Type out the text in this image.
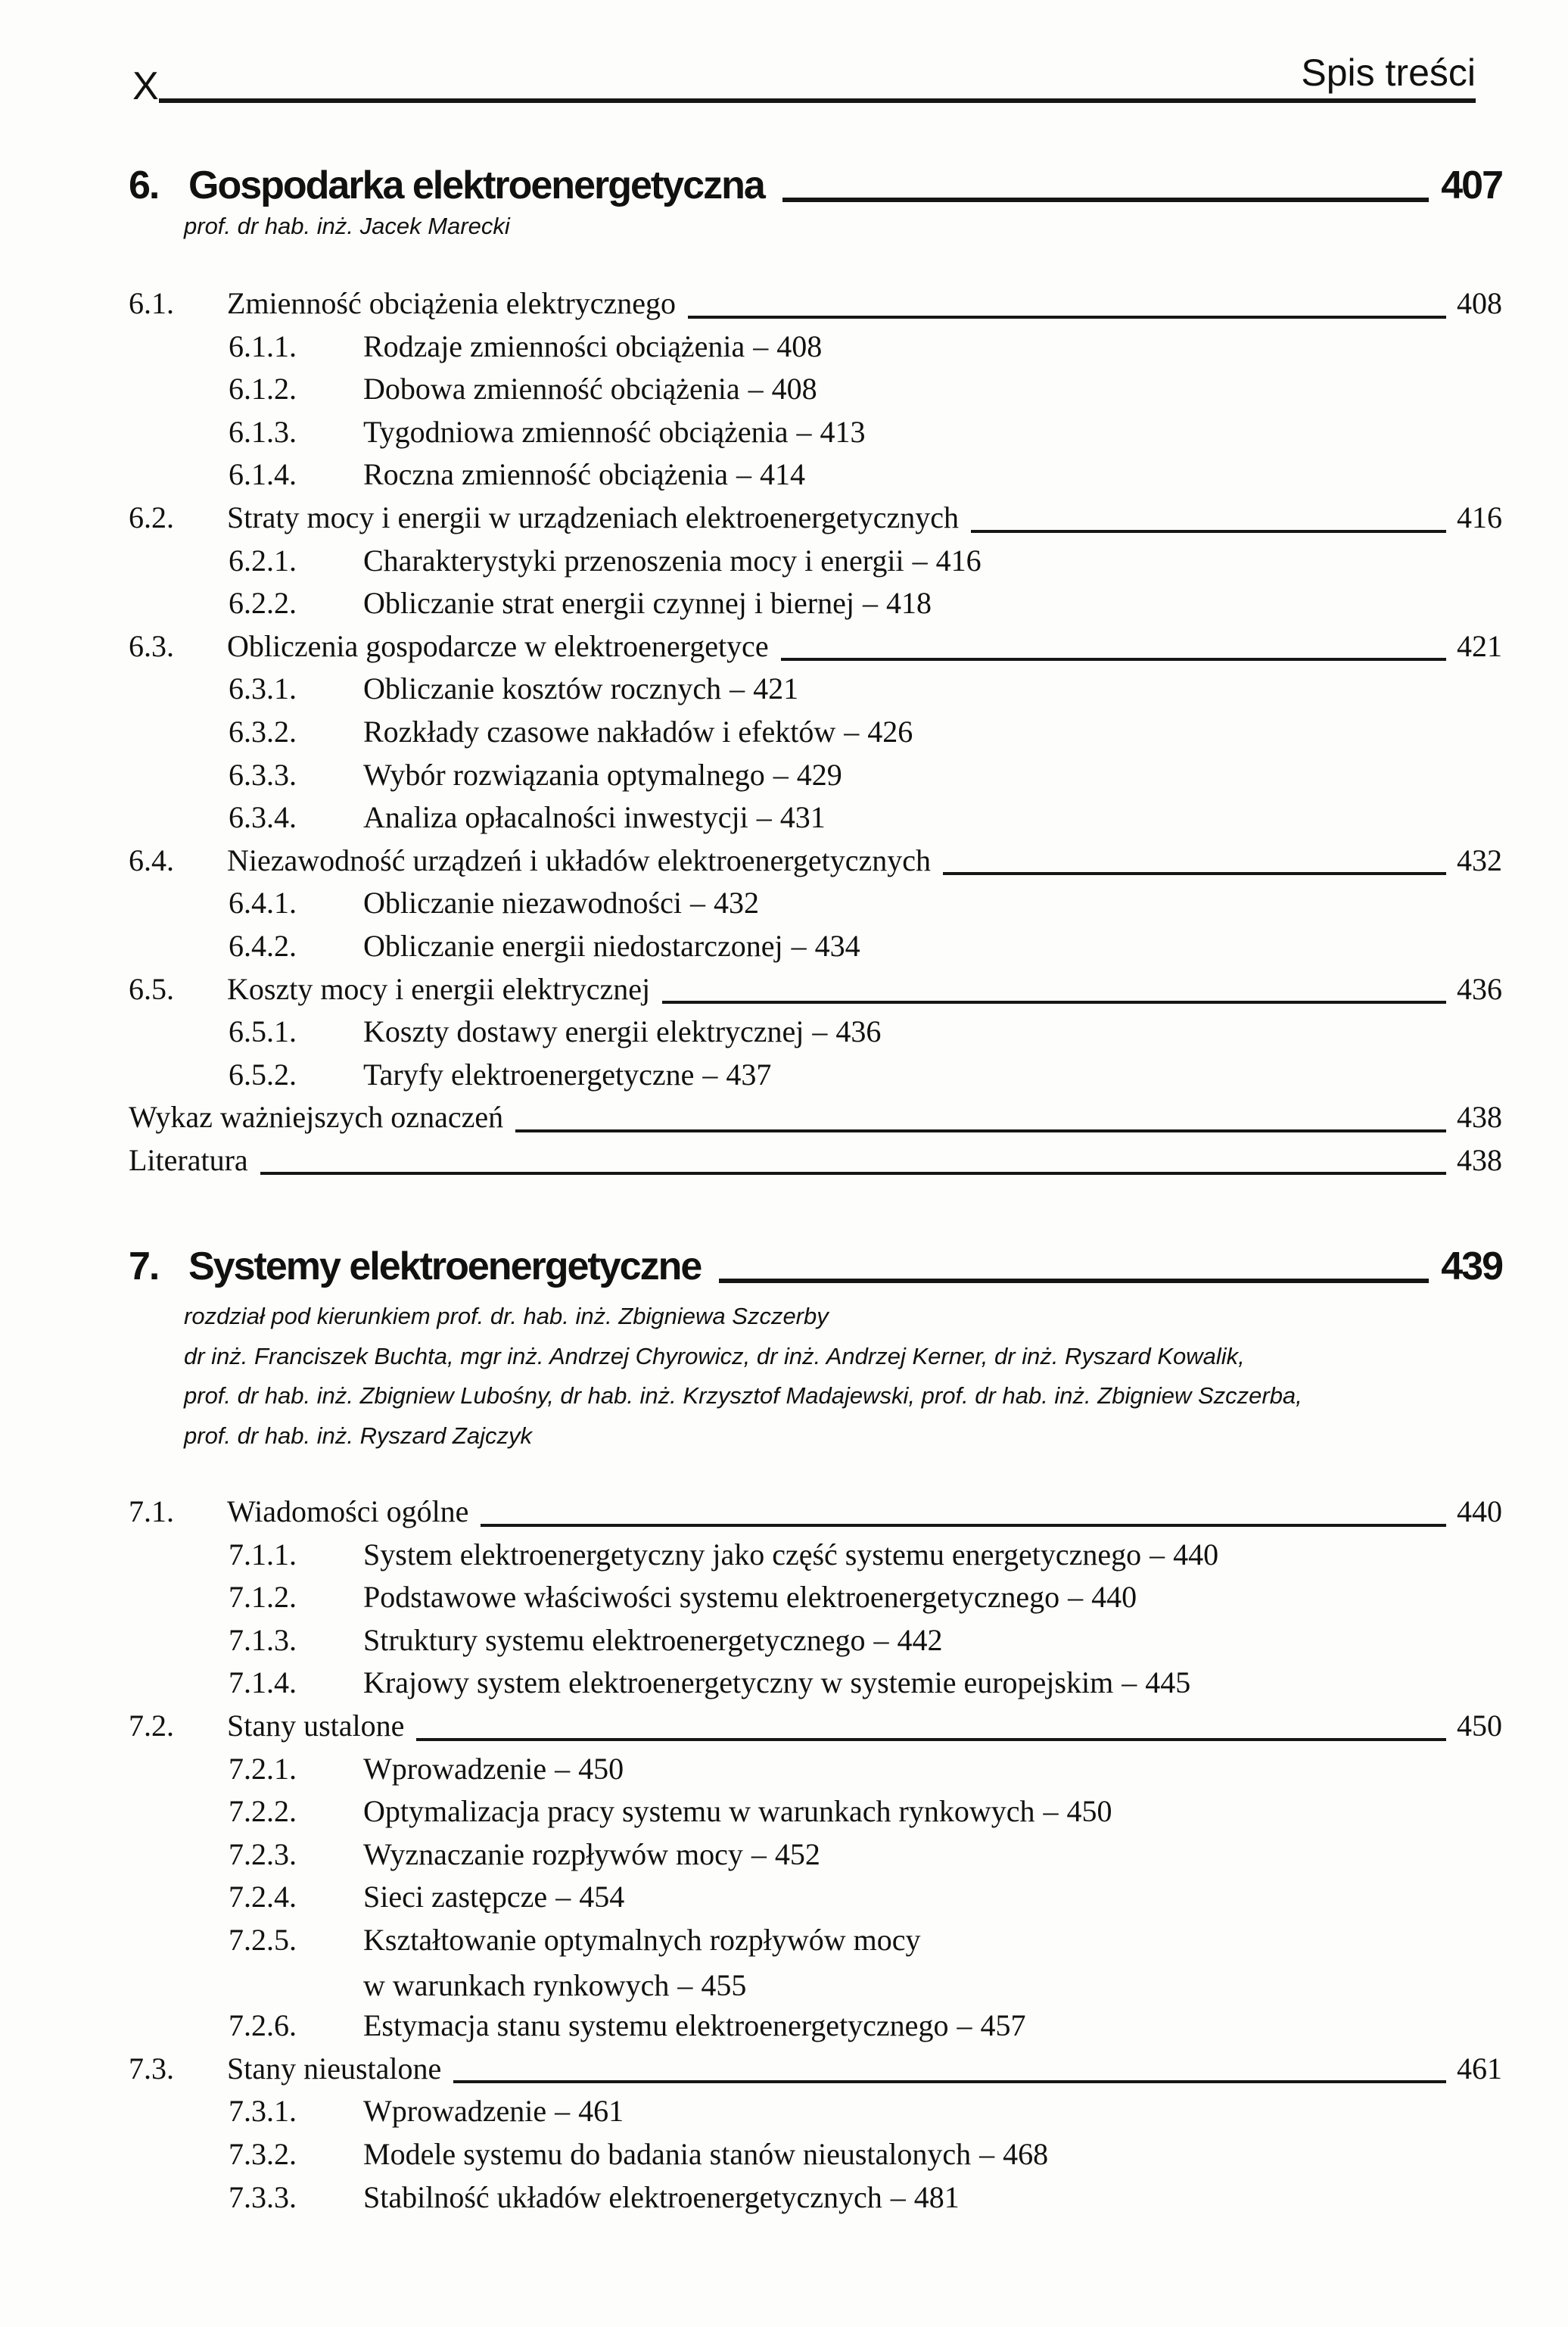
X	Spis treści
6. Gospodarka elektroenergetyczna	407
prof. dr hab. inż. Jacek Marecki
6.1.	Zmienność obciążenia elektrycznego	408
6.1.1.	Rodzaje zmienności obciążenia – 408
6.1.2.	Dobowa zmienność obciążenia – 408
6.1.3.	Tygodniowa zmienność obciążenia – 413
6.1.4.	Roczna zmienność obciążenia – 414
6.2.	Straty mocy i energii w urządzeniach elektroenergetycznych	416
6.2.1.	Charakterystyki przenoszenia mocy i energii – 416
6.2.2.	Obliczanie strat energii czynnej i biernej – 418
6.3.	Obliczenia gospodarcze w elektroenergetyce	421
6.3.1.	Obliczanie kosztów rocznych – 421
6.3.2.	Rozkłady czasowe nakładów i efektów – 426
6.3.3.	Wybór rozwiązania optymalnego – 429
6.3.4.	Analiza opłacalności inwestycji – 431
6.4.	Niezawodność urządzeń i układów elektroenergetycznych	432
6.4.1.	Obliczanie niezawodności – 432
6.4.2.	Obliczanie energii niedostarczonej – 434
6.5.	Koszty mocy i energii elektrycznej	436
6.5.1.	Koszty dostawy energii elektrycznej – 436
6.5.2.	Taryfy elektroenergetyczne – 437
Wykaz ważniejszych oznaczeń	438
Literatura	438
7. Systemy elektroenergetyczne	439
rozdział pod kierunkiem prof. dr. hab. inż. Zbigniewa Szczerby
dr inż. Franciszek Buchta, mgr inż. Andrzej Chyrowicz, dr inż. Andrzej Kerner, dr inż. Ryszard Kowalik,
prof. dr hab. inż. Zbigniew Lubośny, dr hab. inż. Krzysztof Madajewski, prof. dr hab. inż. Zbigniew Szczerba,
prof. dr hab. inż. Ryszard Zajczyk
7.1.	Wiadomości ogólne	440
7.1.1.	System elektroenergetyczny jako część systemu energetycznego – 440
7.1.2.	Podstawowe właściwości systemu elektroenergetycznego – 440
7.1.3.	Struktury systemu elektroenergetycznego – 442
7.1.4.	Krajowy system elektroenergetyczny w systemie europejskim – 445
7.2.	Stany ustalone	450
7.2.1.	Wprowadzenie – 450
7.2.2.	Optymalizacja pracy systemu w warunkach rynkowych – 450
7.2.3.	Wyznaczanie rozpływów mocy – 452
7.2.4.	Sieci zastępcze – 454
7.2.5.	Kształtowanie optymalnych rozpływów mocy
w warunkach rynkowych – 455
7.2.6.	Estymacja stanu systemu elektroenergetycznego – 457
7.3.	Stany nieustalone	461
7.3.1.	Wprowadzenie – 461
7.3.2.	Modele systemu do badania stanów nieustalonych – 468
7.3.3.	Stabilność układów elektroenergetycznych – 481
